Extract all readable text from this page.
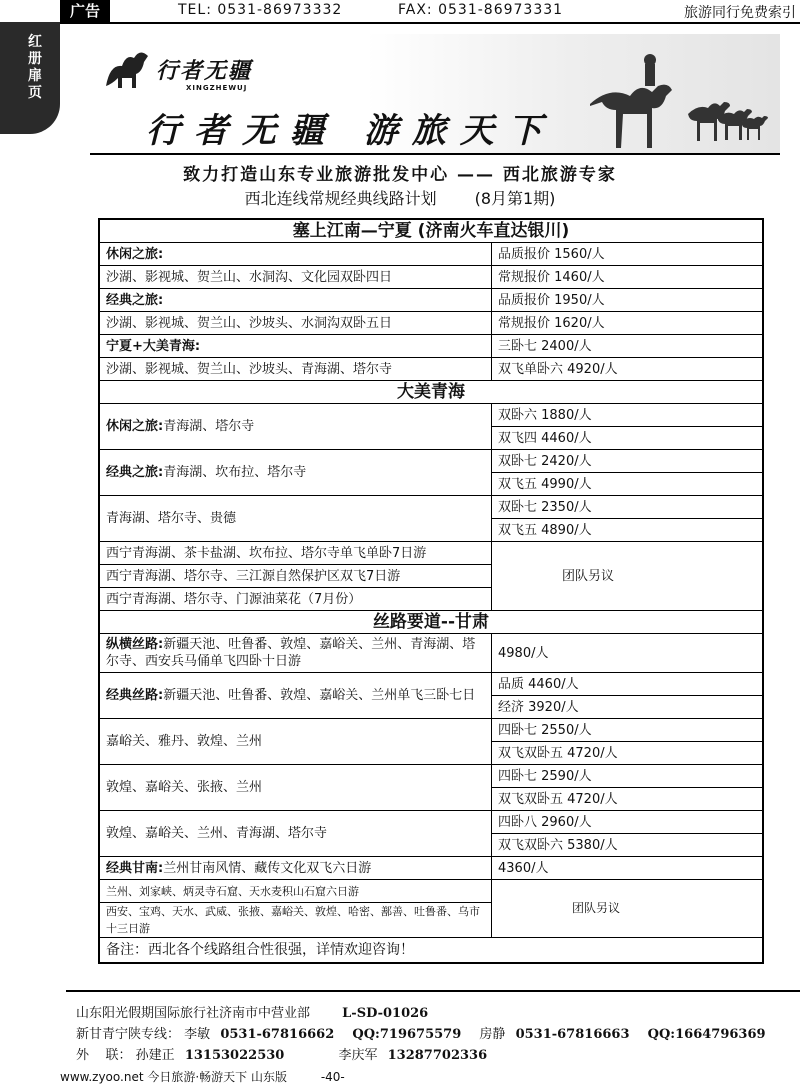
广告	TEL: 0531-86973332	FAX: 0531-86973331	旅游同行免费索引
红册扉页
行者无疆
XINGZHEWUJ
行者无疆 游旅天下
致力打造山东专业旅游批发中心 —— 西北旅游专家
西北连线常规经典线路计划 (8月第1期)
塞上江南—宁夏 (济南火车直达银川)	
休闲之旅:	品质报价 1560/人
沙湖、影视城、贺兰山、水洞沟、文化园双卧四日	常规报价 1460/人
经典之旅:	品质报价 1950/人
沙湖、影视城、贺兰山、沙坡头、水洞沟双卧五日	常规报价 1620/人
宁夏+大美青海:	三卧七 2400/人
沙湖、影视城、贺兰山、沙坡头、青海湖、塔尔寺	双飞单卧六 4920/人
大美青海	
休闲之旅:青海湖、塔尔寺	双卧六 1880/人
	双飞四 4460/人
经典之旅:青海湖、坎布拉、塔尔寺	双卧七 2420/人
	双飞五 4990/人
青海湖、塔尔寺、贵德	双卧七 2350/人
	双飞五 4890/人
西宁青海湖、茶卡盐湖、坎布拉、塔尔寺单飞单卧7日游	团队另议
西宁青海湖、塔尔寺、三江源自然保护区双飞7日游	
西宁青海湖、塔尔寺、门源油菜花（7月份）	
丝路要道--甘肃	
纵横丝路:新疆天池、吐鲁番、敦煌、嘉峪关、兰州、青海湖、塔尔寺、西安兵马俑单飞四卧十日游	4980/人
经典丝路:新疆天池、吐鲁番、敦煌、嘉峪关、兰州单飞三卧七日	品质 4460/人
	经济 3920/人
嘉峪关、雅丹、敦煌、兰州	四卧七 2550/人
	双飞双卧五 4720/人
敦煌、嘉峪关、张掖、兰州	四卧七 2590/人
	双飞双卧五 4720/人
敦煌、嘉峪关、兰州、青海湖、塔尔寺	四卧八 2960/人
	双飞双卧六 5380/人
经典甘南:兰州甘南风情、藏传文化双飞六日游	4360/人
兰州、刘家峡、炳灵寺石窟、天水麦积山石窟六日游	团队另议
西安、宝鸡、天水、武威、张掖、嘉峪关、敦煌、哈密、鄯善、吐鲁番、乌市十三日游	
备注：西北各个线路组合性很强，详情欢迎咨询！	
山东阳光假期国际旅行社济南市中营业部 L-SD-01026
新甘青宁陕专线： 李敏 0531-67816662 QQ:719675579 房静 0531-67816663 QQ:1664796369
外    联： 孙建正 13153022530	李庆军 13287702336
www.zyoo.net 今日旅游·畅游天下 山东版	-40-
